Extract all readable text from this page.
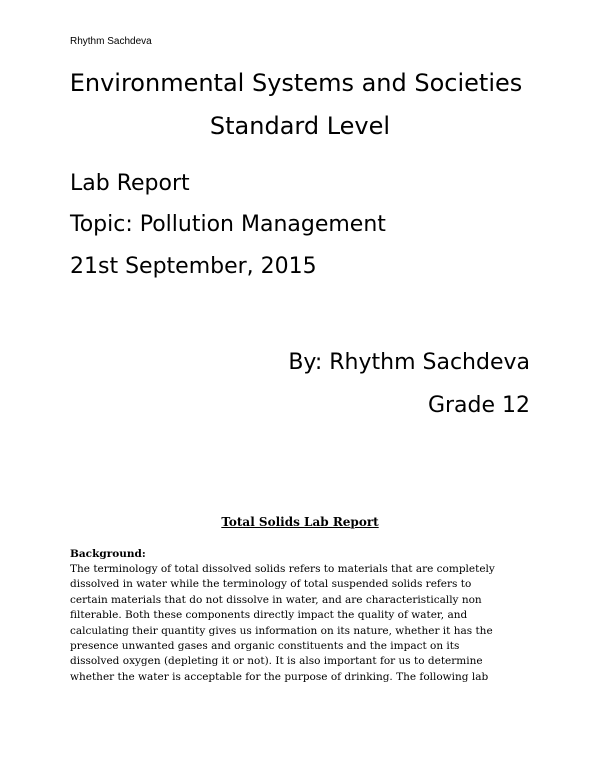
Rhythm Sachdeva
Environmental Systems and Societies
Standard Level
Lab Report
Topic: Pollution Management
21st September, 2015
By: Rhythm Sachdeva
Grade 12
Total Solids Lab Report
Background:
The terminology of total dissolved solids refers to materials that are completely
dissolved in water while the terminology of total suspended solids refers to
certain materials that do not dissolve in water, and are characteristically non
filterable. Both these components directly impact the quality of water, and
calculating their quantity gives us information on its nature, whether it has the
presence unwanted gases and organic constituents and the impact on its
dissolved oxygen (depleting it or not). It is also important for us to determine
whether the water is acceptable for the purpose of drinking. The following lab
